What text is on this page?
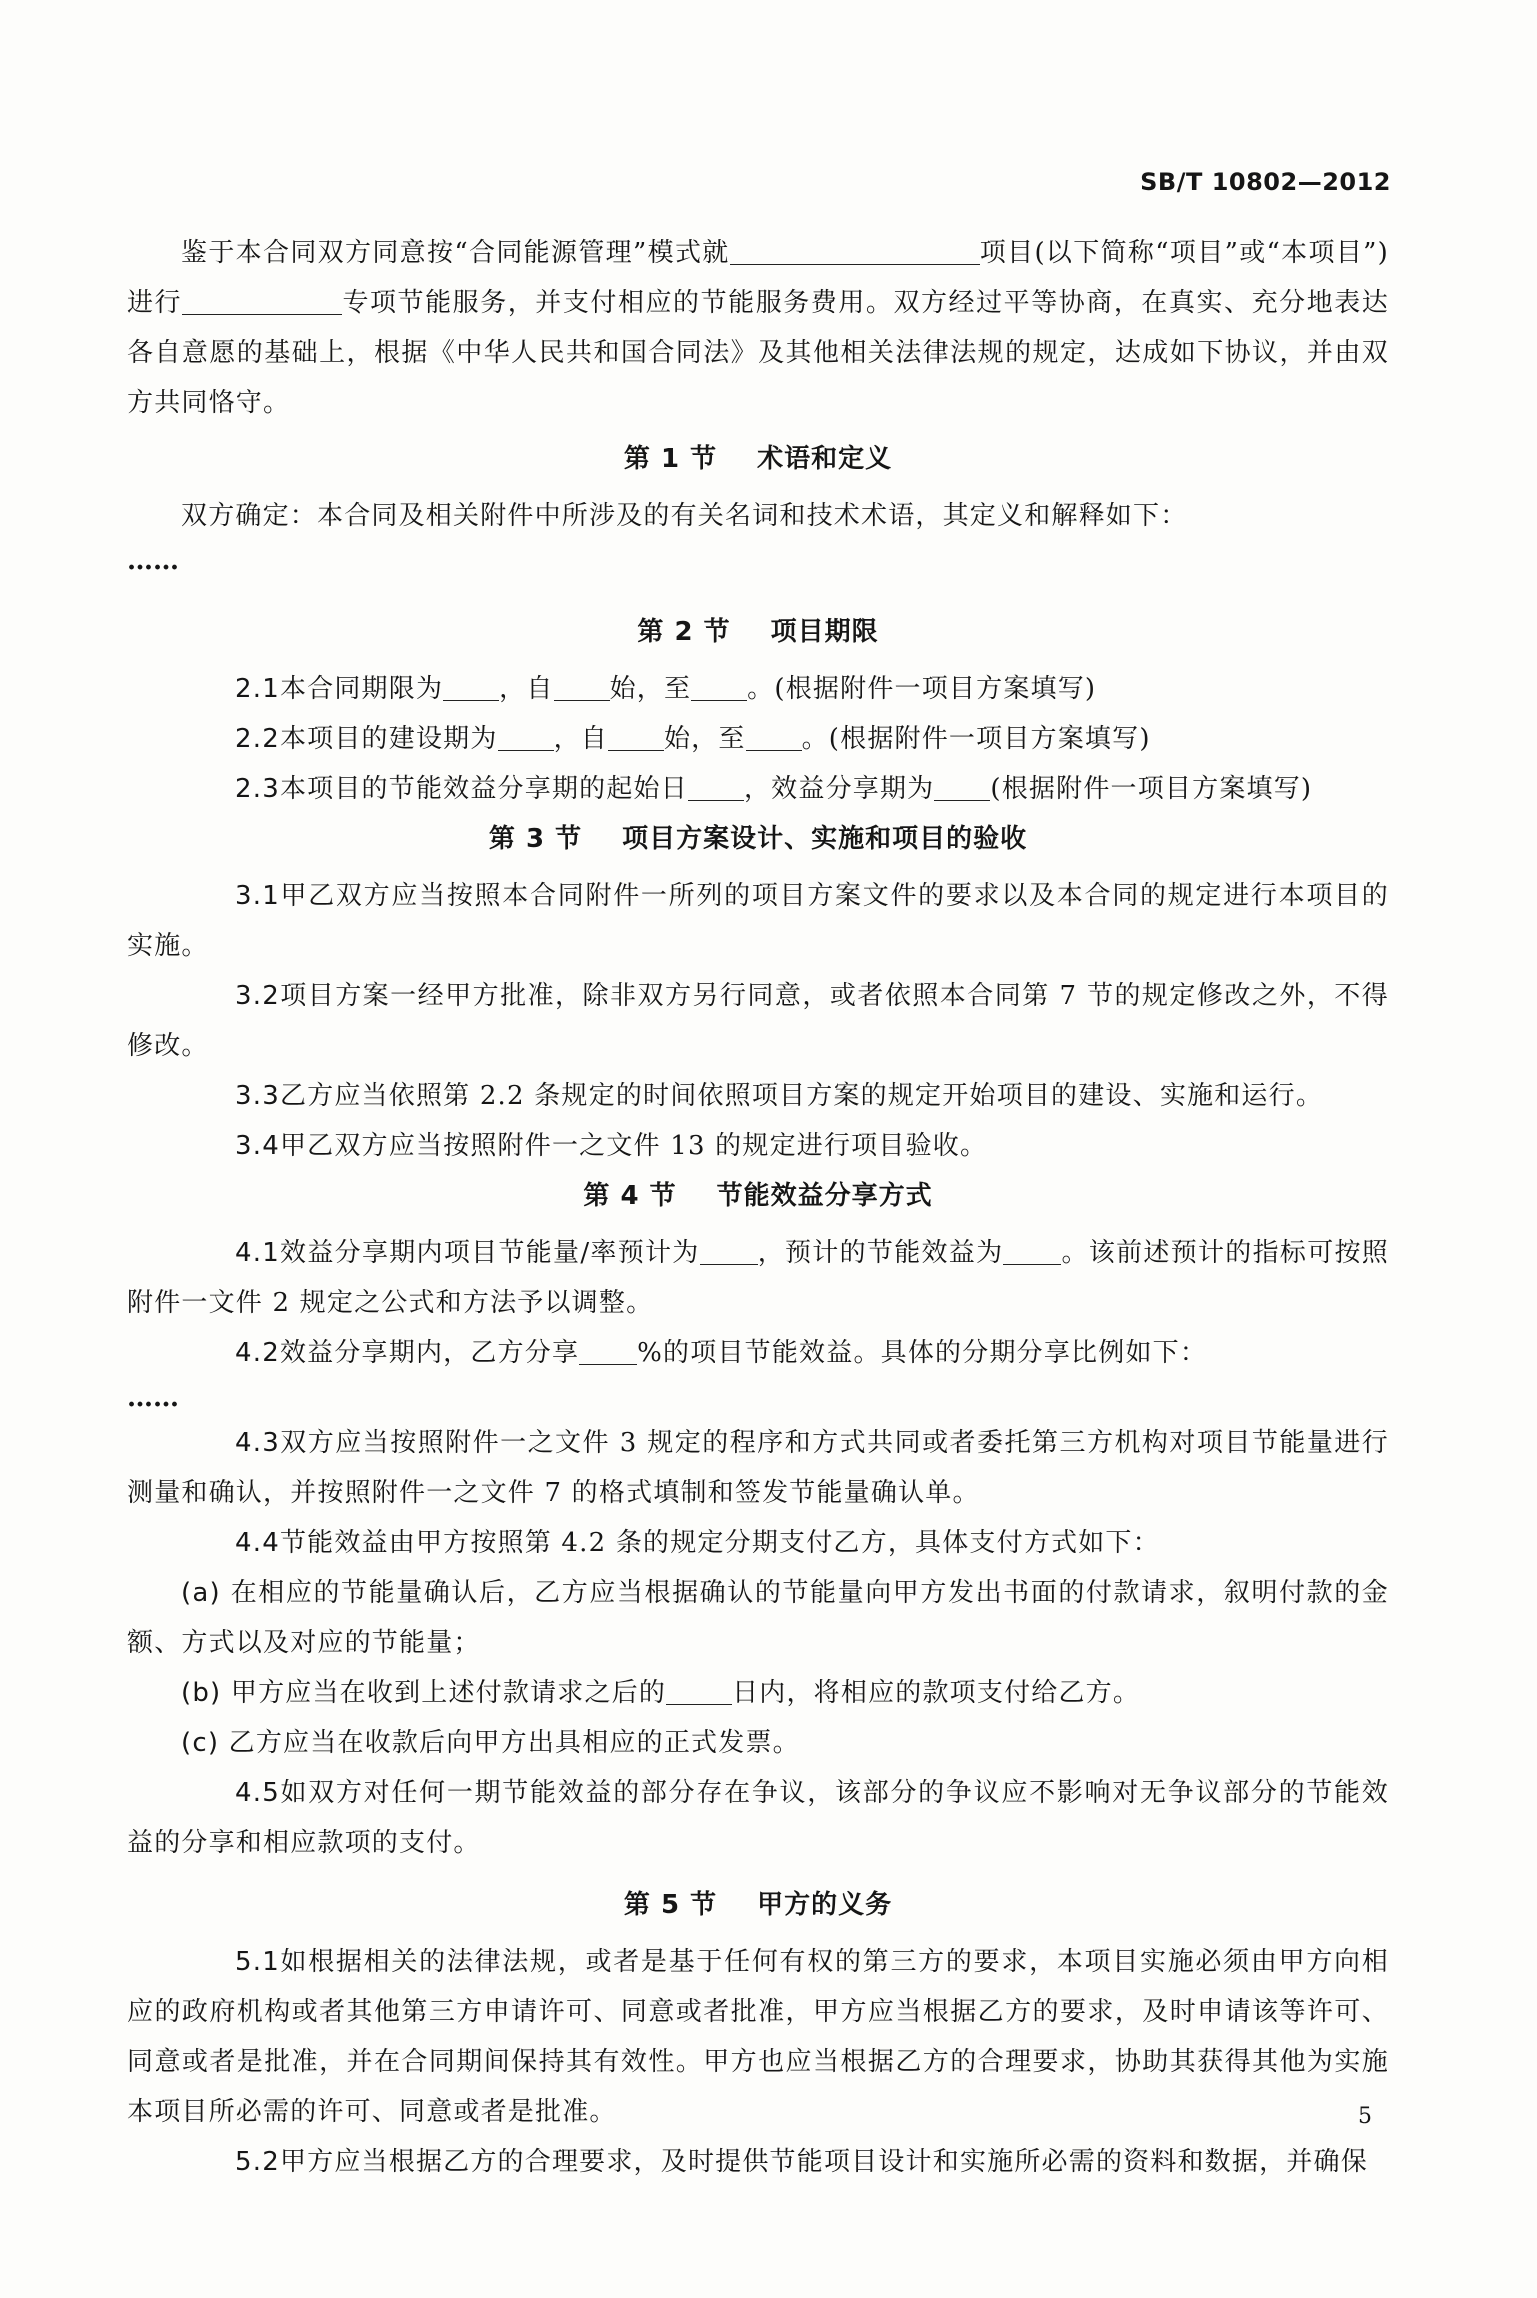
SB/T 10802—2012

鉴于本合同双方同意按“合同能源管理”模式就	项目(以下简称“项目”或“本项目”)进行	专项节能服务，并支付相应的节能服务费用。双方经过平等协商，在真实、充分地表达各自意愿的基础上，根据《中华人民共和国合同法》及其他相关法律法规的规定，达成如下协议，并由双方共同恪守。

第 1 节 术语和定义

双方确定：本合同及相关附件中所涉及的有关名词和技术术语，其定义和解释如下：

……

第 2 节 项目期限

2.1本合同期限为 ，自 始，至 。(根据附件一项目方案填写)

2.2本项目的建设期为 ，自 始，至 。(根据附件一项目方案填写)

2.3本项目的节能效益分享期的起始日 ，效益分享期为 (根据附件一项目方案填写)

第 3 节 项目方案设计、实施和项目的验收

3.1甲乙双方应当按照本合同附件一所列的项目方案文件的要求以及本合同的规定进行本项目的实施。

3.2项目方案一经甲方批准，除非双方另行同意，或者依照本合同第 7 节的规定修改之外，不得修改。

3.3乙方应当依照第 2.2 条规定的时间依照项目方案的规定开始项目的建设、实施和运行。

3.4甲乙双方应当按照附件一之文件 13 的规定进行项目验收。

第 4 节 节能效益分享方式

4.1效益分享期内项目节能量/率预计为 ，预计的节能效益为 。该前述预计的指标可按照附件一文件 2 规定之公式和方法予以调整。

4.2效益分享期内，乙方分享 %的项目节能效益。具体的分期分享比例如下：

……

4.3双方应当按照附件一之文件 3 规定的程序和方式共同或者委托第三方机构对项目节能量进行测量和确认，并按照附件一之文件 7 的格式填制和签发节能量确认单。

4.4节能效益由甲方按照第 4.2 条的规定分期支付乙方，具体支付方式如下：

(a) 在相应的节能量确认后，乙方应当根据确认的节能量向甲方发出书面的付款请求，叙明付款的金额、方式以及对应的节能量；

(b) 甲方应当在收到上述付款请求之后的	日内，将相应的款项支付给乙方。

(c) 乙方应当在收款后向甲方出具相应的正式发票。

4.5如双方对任何一期节能效益的部分存在争议，该部分的争议应不影响对无争议部分的节能效益的分享和相应款项的支付。

第 5 节 甲方的义务

5.1如根据相关的法律法规，或者是基于任何有权的第三方的要求，本项目实施必须由甲方向相应的政府机构或者其他第三方申请许可、同意或者批准，甲方应当根据乙方的要求，及时申请该等许可、同意或者是批准，并在合同期间保持其有效性。甲方也应当根据乙方的合理要求，协助其获得其他为实施本项目所必需的许可、同意或者是批准。

5.2甲方应当根据乙方的合理要求，及时提供节能项目设计和实施所必需的资料和数据，并确保

5
